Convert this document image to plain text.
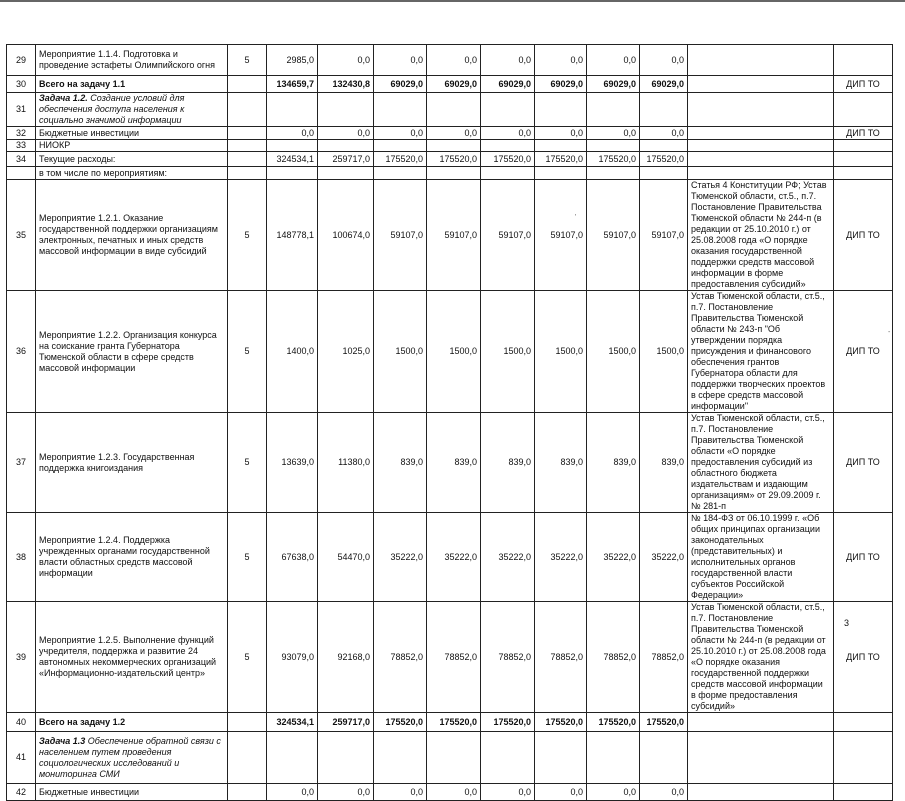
29	Мероприятие 1.1.4. Подготовка и проведение эстафеты Олимпийского огня	5	2985,0	0,0	0,0	0,0	0,0	0,0	0,0	0,0		
30	Всего на задачу 1.1		134659,7	132430,8	69029,0	69029,0	69029,0	69029,0	69029,0	69029,0		ДИП ТО
31	Задача 1.2. Создание условий для обеспечения доступа населения к социально значимой информации											
32	Бюджетные инвестиции		0,0	0,0	0,0	0,0	0,0	0,0	0,0	0,0		ДИП ТО
33	НИОКР											
34	Текущие расходы:		324534,1	259717,0	175520,0	175520,0	175520,0	175520,0	175520,0	175520,0		
	в том числе по мероприятиям:											
35	Мероприятие 1.2.1. Оказание государственной поддержки организациям электронных, печатных и иных средств массовой информации в виде субсидий	5	148778,1	100674,0	59107,0	59107,0	59107,0	59107,0	59107,0	59107,0	Статья 4 Конституции РФ; Устав Тюменской области, ст.5., п.7. Постановление Правительства Тюменской области № 244-п (в редакции от 25.10.2010 г.) от 25.08.2008 года «О порядке оказания государственной поддержки средств массовой информации в форме предоставления субсидий»	ДИП ТО
36	Мероприятие 1.2.2. Организация конкурса на соискание гранта Губернатора Тюменской области в сфере средств массовой информации	5	1400,0	1025,0	1500,0	1500,0	1500,0	1500,0	1500,0	1500,0	Устав Тюменской области, ст.5., п.7. Постановление Правительства Тюменской области № 243-п "Об утверждении порядка присуждения и финансового обеспечения грантов Губернатора области для поддержки творческих проектов в сфере средств массовой информации"	ДИП ТО
37	Мероприятие 1.2.3. Государственная поддержка книгоиздания	5	13639,0	11380,0	839,0	839,0	839,0	839,0	839,0	839,0	Устав Тюменской области, ст.5., п.7. Постановление Правительства Тюменской области «О порядке предоставления субсидий из областного бюджета издательствам и издающим организациям» от 29.09.2009 г. № 281-п	ДИП ТО
38	Мероприятие 1.2.4. Поддержка учрежденных органами государственной власти областных средств массовой информации	5	67638,0	54470,0	35222,0	35222,0	35222,0	35222,0	35222,0	35222,0	№ 184-ФЗ от 06.10.1999 г. «Об общих принципах организации законодательных (представительных) и исполнительных органов государственной власти субъектов Российской Федерации»	ДИП ТО
39	Мероприятие 1.2.5. Выполнение функций учредителя, поддержка и развитие 24 автономных некоммерческих организаций «Информационно-издательский центр»	5	93079,0	92168,0	78852,0	78852,0	78852,0	78852,0	78852,0	78852,0	Устав Тюменской области, ст.5., п.7. Постановление Правительства Тюменской области № 244-п (в редакции от 25.10.2010 г.) от 25.08.2008 года «О порядке оказания государственной поддержки средств массовой информации в форме предоставления субсидий»	ДИП ТО
40	Всего на задачу 1.2		324534,1	259717,0	175520,0	175520,0	175520,0	175520,0	175520,0	175520,0		
41	Задача 1.3 Обеспечение обратной связи с населением путем проведения социологических исследований и мониторинга СМИ											
42	Бюджетные инвестиции		0,0	0,0	0,0	0,0	0,0	0,0	0,0	0,0		
3
'
-
